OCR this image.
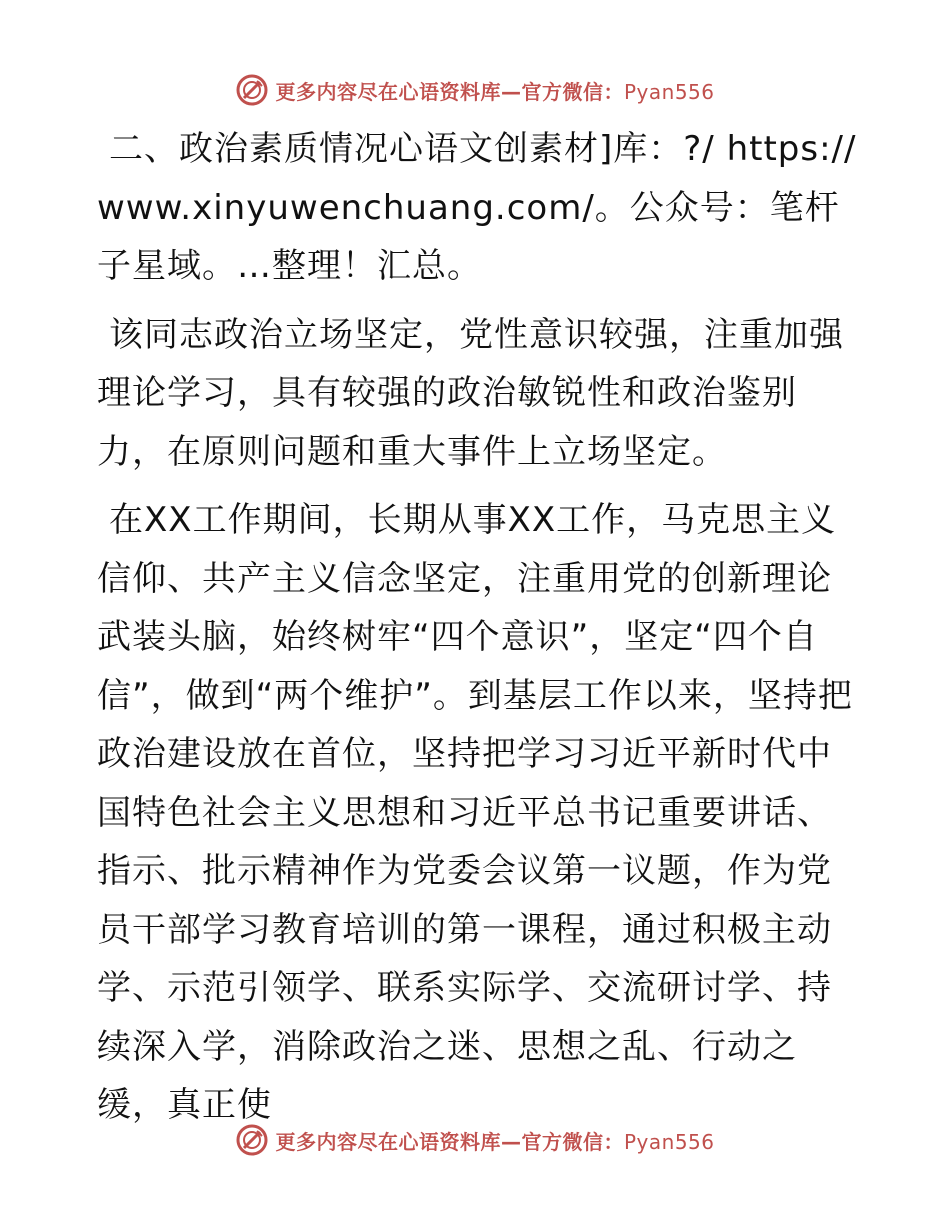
更多内容尽在心语资料库—官方微信：Pyan556

二、政治素质情况心语文创素材]库：?/ https://www.xinyuwenchuang.com/。公众号：笔杆子星域。…整理！汇总。

该同志政治立场坚定，党性意识较强，注重加强理论学习，具有较强的政治敏锐性和政治鉴别力，在原则问题和重大事件上立场坚定。

在XX工作期间，长期从事XX工作，马克思主义信仰、共产主义信念坚定，注重用党的创新理论武装头脑，始终树牢“四个意识”，坚定“四个自信”，做到“两个维护”。到基层工作以来，坚持把政治建设放在首位，坚持把学习习近平新时代中国特色社会主义思想和习近平总书记重要讲话、指示、批示精神作为党委会议第一议题，作为党员干部学习教育培训的第一课程，通过积极主动学、示范引领学、联系实际学、交流研讨学、持续深入学，消除政治之迷、思想之乱、行动之缓，真正使

更多内容尽在心语资料库—官方微信：Pyan556
